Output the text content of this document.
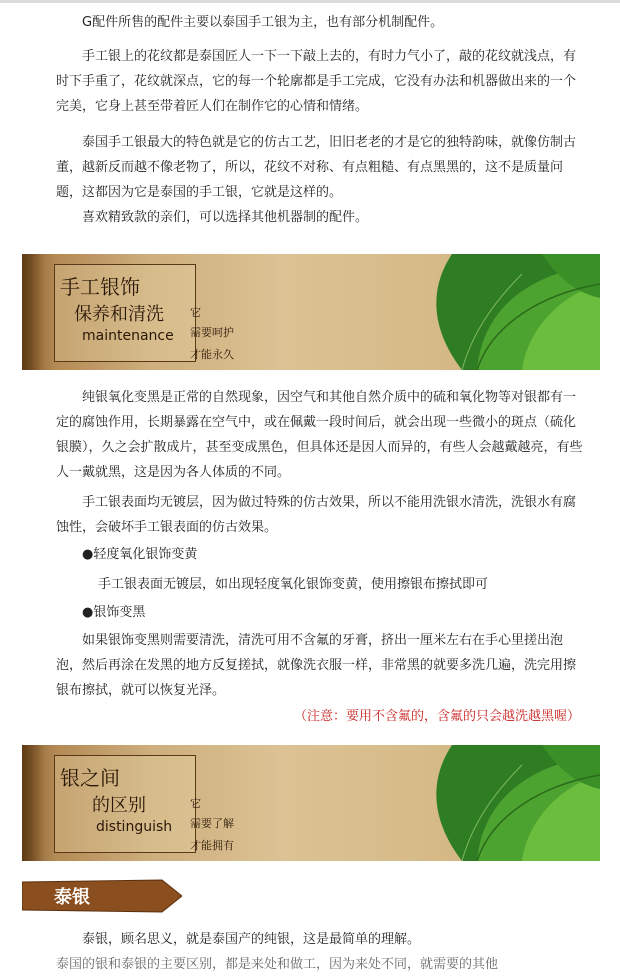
G配件所售的配件主要以泰国手工银为主，也有部分机制配件。

手工银上的花纹都是泰国匠人一下一下敲上去的，有时力气小了，敲的花纹就浅点，有时下手重了，花纹就深点，它的每一个轮廓都是手工完成，它没有办法和机器做出来的一个完美，它身上甚至带着匠人们在制作它的心情和情绪。

泰国手工银最大的特色就是它的仿古工艺，旧旧老老的才是它的独特韵味，就像仿制古董，越新反而越不像老物了，所以，花纹不对称、有点粗糙、有点黑黑的，这不是质量问题，这都因为它是泰国的手工银，它就是这样的。

喜欢精致款的亲们，可以选择其他机器制的配件。

手工银饰
保养和清洗
maintenance
它
需要呵护
才能永久

纯银氧化变黑是正常的自然现象，因空气和其他自然介质中的硫和氧化物等对银都有一定的腐蚀作用，长期暴露在空气中，或在佩戴一段时间后，就会出现一些微小的斑点（硫化银膜），久之会扩散成片，甚至变成黑色，但具体还是因人而异的，有些人会越戴越亮，有些人一戴就黑，这是因为各人体质的不同。

手工银表面均无镀层，因为做过特殊的仿古效果，所以不能用洗银水清洗，洗银水有腐蚀性，会破坏手工银表面的仿古效果。

●轻度氧化银饰变黄
手工银表面无镀层，如出现轻度氧化银饰变黄，使用擦银布擦拭即可
●银饰变黑

如果银饰变黑则需要清洗，清洗可用不含氟的牙膏，挤出一厘米左右在手心里搓出泡泡，然后再涂在发黑的地方反复搓拭，就像洗衣服一样，非常黑的就要多洗几遍，洗完用擦银布擦拭，就可以恢复光泽。

（注意：要用不含氟的，含氟的只会越洗越黑喔）
银之间
的区别
distinguish
它
需要了解
才能拥有
泰银

泰银，顾名思义，就是泰国产的纯银，这是最简单的理解。

泰国的银和泰银的主要区别，都是来处和做工，因为来处不同，就需要的其他
